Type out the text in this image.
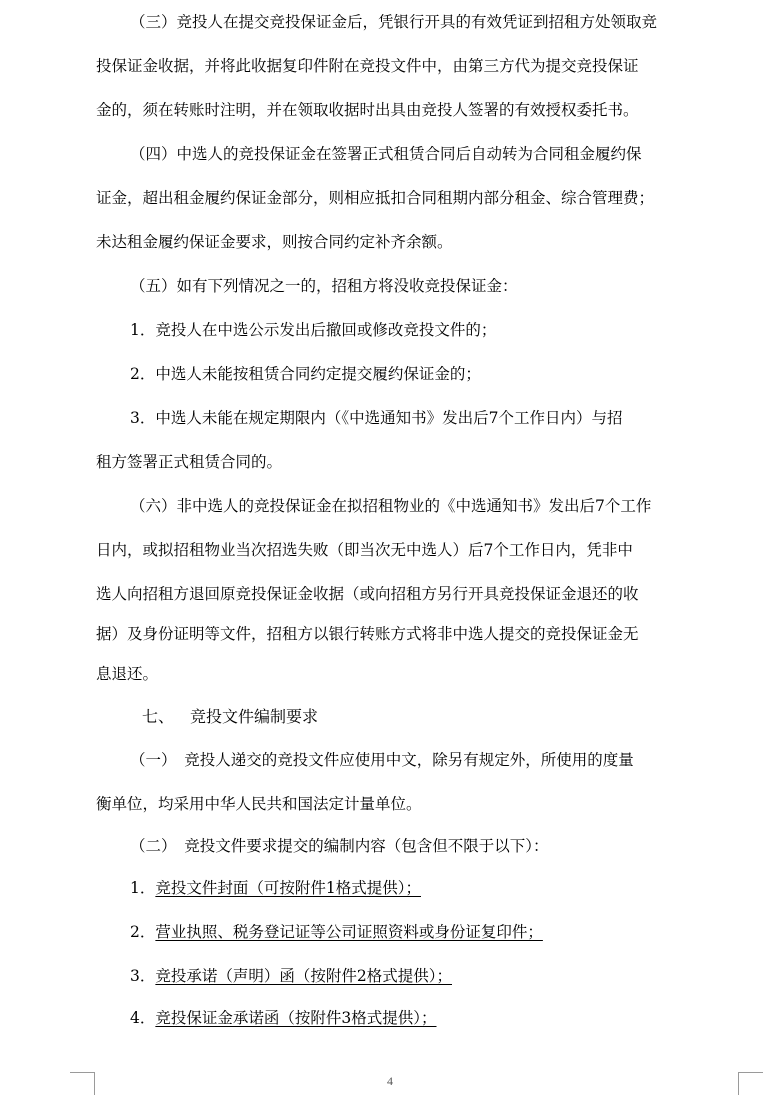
（三）竞投人在提交竞投保证金后，凭银行开具的有效凭证到招租方处领取竞
投保证金收据，并将此收据复印件附在竞投文件中，由第三方代为提交竞投保证
金的，须在转账时注明，并在领取收据时出具由竞投人签署的有效授权委托书。
（四）中选人的竞投保证金在签署正式租赁合同后自动转为合同租金履约保
证金，超出租金履约保证金部分，则相应抵扣合同租期内部分租金、综合管理费；
未达租金履约保证金要求，则按合同约定补齐余额。
（五）如有下列情况之一的，招租方将没收竞投保证金：
1．竞投人在中选公示发出后撤回或修改竞投文件的；
2．中选人未能按租赁合同约定提交履约保证金的；
3．中选人未能在规定期限内（《中选通知书》发出后7个工作日内）与招
租方签署正式租赁合同的。
（六）非中选人的竞投保证金在拟招租物业的《中选通知书》发出后7个工作
日内，或拟招租物业当次招选失败（即当次无中选人）后7个工作日内，凭非中
选人向招租方退回原竞投保证金收据（或向招租方另行开具竞投保证金退还的收
据）及身份证明等文件，招租方以银行转账方式将非中选人提交的竞投保证金无
息退还。
七、 竞投文件编制要求
（一）　竞投人递交的竞投文件应使用中文，除另有规定外，所使用的度量
衡单位，均采用中华人民共和国法定计量单位。
（二）　竞投文件要求提交的编制内容（包含但不限于以下）：
1．竞投文件封面（可按附件1格式提供）；
2．营业执照、税务登记证等公司证照资料或身份证复印件；
3．竞投承诺（声明）函（按附件2格式提供）；
4．竞投保证金承诺函（按附件3格式提供）；
4
